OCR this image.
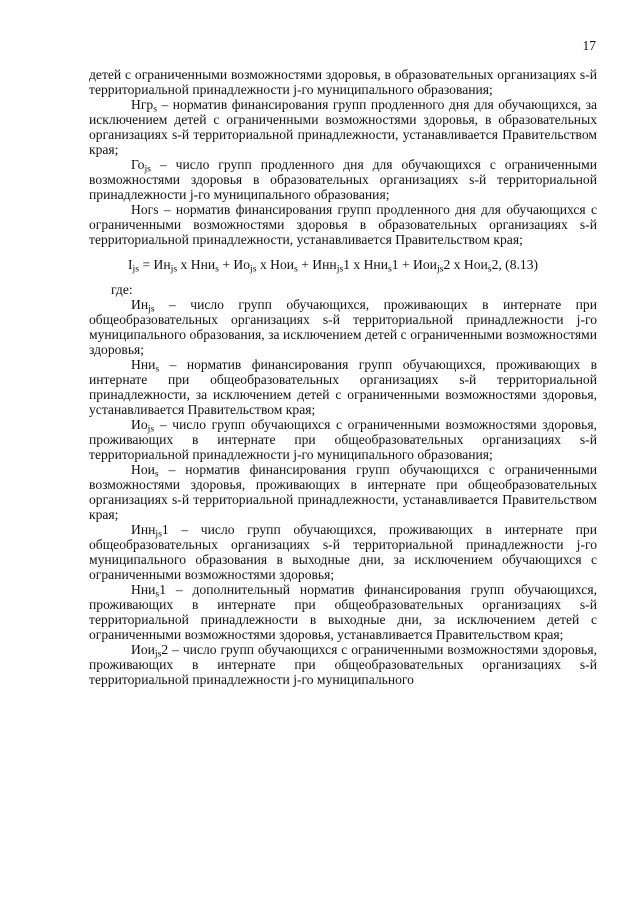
17

детей с ограниченными возможностями здоровья, в образовательных организациях s-й территориальной принадлежности j-го муниципального образования;

Нгр$_s$ – норматив финансирования групп продленного дня для обучающихся, за исключением детей с ограниченными возможностями здоровья, в образовательных организациях s-й территориальной принадлежности, устанавливается Правительством края;

$Го_{js}$ – число групп продленного дня для обучающихся с ограниченными возможностями здоровья в образовательных организациях s-й территориальной принадлежности j-го муниципального образования;

Ногs – норматив финансирования групп продленного дня для обучающихся с ограниченными возможностями здоровья в образовательных организациях s-й территориальной принадлежности, устанавливается Правительством края;

$I_{js} = Ин_{js}$ х $Нни_s + Ио_{js}$ х Нои$_s$ + Инн$_{js}$1 х Нни$_s$1 + Иои$_{js}$2 х Нои$_s$2, (8.13)

где:

$Ин_{js}$ – число групп обучающихся, проживающих в интернате при общеобразовательных организациях s-й территориальной принадлежности j-го муниципального образования, за исключением детей с ограниченными возможностями здоровья;

Нни$_s$ – норматив финансирования групп обучающихся, проживающих в интернате при общеобразовательных организациях s-й территориальной принадлежности, за исключением детей с ограниченными возможностями здоровья, устанавливается Правительством края;

$Ио_{js}$ – число групп обучающихся с ограниченными возможностями здоровья, проживающих в интернате при общеобразовательных организациях s-й территориальной принадлежности j-го муниципального образования;

Нои$_s$ – норматив финансирования групп обучающихся с ограниченными возможностями здоровья, проживающих в интернате при общеобразовательных организациях s-й территориальной принадлежности, устанавливается Правительством края;

Инн$_{js}$1 – число групп обучающихся, проживающих в интернате при общеобразовательных организациях s-й территориальной принадлежности j-го муниципального образования в выходные дни, за исключением обучающихся с ограниченными возможностями здоровья;

Нни$_s$1 – дополнительный норматив финансирования групп обучающихся, проживающих в интернате при общеобразовательных организациях s-й территориальной принадлежности в выходные дни, за исключением детей с ограниченными возможностями здоровья, устанавливается Правительством края;

Иои$_{js}$2 – число групп обучающихся с ограниченными возможностями здоровья, проживающих в интернате при общеобразовательных организациях s-й территориальной принадлежности j-го муниципального
